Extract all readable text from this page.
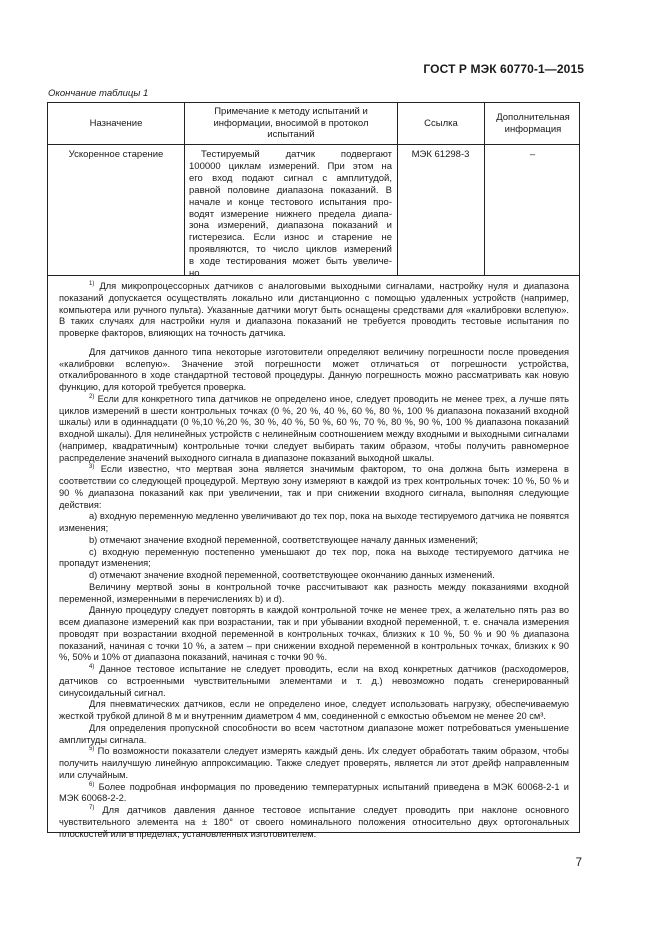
ГОСТ Р МЭК 60770-1—2015
Окончание таблицы 1
Назначение
Примечание к методу испытаний и информации, вносимой в протокол испытаний
Ссылка
Дополнительная информация
Ускоренное старение	Тестируемый датчик подвергают
100000 циклам измерений. При этом на
его вход подают сигнал с амплитудой,
равной половине диапазона показаний. В
начале и конце тестового испытания про-
водят измерение нижнего предела диапа-
зона измерений, диапазона показаний и
гистерезиса. Если износ и старение не
проявляются, то число циклов измерений
в ходе тестирования может быть увеличе-
но
МЭК 61298-3	–

$^{1)}$ Для микропроцессорных датчиков с аналоговыми выходными сигналами, настройку нуля и диапазона показаний допускается осуществлять локально или дистанционно с помощью удаленных устройств (например, компьютера или ручного пульта). Указанные датчики могут быть оснащены средствами для «калибровки вслепую». В таких случаях для настройки нуля и диапазона показаний не требуется проводить тестовые испытания по проверке факторов, влияющих на точность датчика.

Для датчиков данного типа некоторые изготовители определяют величину погрешности после проведения «калибровки вслепую». Значение этой погрешности может отличаться от погрешности устройства, откалиброванного в ходе стандартной тестовой процедуры. Данную погрешность можно рассматривать как новую функцию, для которой требуется проверка.

$^{2)}$ Если для конкретного типа датчиков не определено иное, следует проводить не менее трех, а лучше пять циклов измерений в шести контрольных точках (0 %, 20 %, 40 %, 60 %, 80 %, 100 % диапазона показаний входной шкалы) или в одиннадцати (0 %,10 %,20 %, 30 %, 40 %, 50 %, 60 %, 70 %, 80 %, 90 %, 100 % диапазона показаний входной шкалы). Для нелинейных устройств с нелинейным соотношением между входными и выходными сигналами (например, квадратичным) контрольные точки следует выбирать таким образом, чтобы получить равномерное распределение значений выходного сигнала в диапазоне показаний выходной шкалы.

$^{3)}$ Если известно, что мертвая зона является значимым фактором, то она должна быть измерена в соответствии со следующей процедурой. Мертвую зону измеряют в каждой из трех контрольных точек: 10 %, 50 % и 90 % диапазона показаний как при увеличении, так и при снижении входного сигнала, выполняя следующие действия:

а) входную переменную медленно увеличивают до тех пор, пока на выходе тестируемого датчика не появятся изменения;

b) отмечают значение входной переменной, соответствующее началу данных изменений;

c) входную переменную постепенно уменьшают до тех пор, пока на выходе тестируемого датчика не пропадут изменения;

d) отмечают значение входной переменной, соответствующее окончанию данных изменений.

Величину мертвой зоны в контрольной точке рассчитывают как разность между показаниями входной переменной, измеренными в перечислениях b) и d).

Данную процедуру следует повторять в каждой контрольной точке не менее трех, а желательно пять раз во всем диапазоне измерений как при возрастании, так и при убывании входной переменной, т. е. сначала измерения проводят при возрастании входной переменной в контрольных точках, близких к 10 %, 50 % и 90 % диапазона показаний, начиная с точки 10 %, а затем – при снижении входной переменной в контрольных точках, близких к 90 %, 50% и 10% от диапазона показаний, начиная с точки 90 %.

$^{4)}$ Данное тестовое испытание не следует проводить, если на вход конкретных датчиков (расходомеров, датчиков со встроенными чувствительными элементами и т. д.) невозможно подать сгенерированный синусоидальный сигнал.

Для пневматических датчиков, если не определено иное, следует использовать нагрузку, обеспечиваемую жесткой трубкой длиной 8 м и внутренним диаметром 4 мм, соединенной с емкостью объемом не менее 20 см³.

Для определения пропускной способности во всем частотном диапазоне может потребоваться уменьшение амплитуды сигнала.

$^{5)}$ По возможности показатели следует измерять каждый день. Их следует обработать таким образом, чтобы получить наилучшую линейную аппроксимацию. Также следует проверять, является ли этот дрейф направленным или случайным.

$^{6)}$ Более подробная информация по проведению температурных испытаний приведена в МЭК 60068-2-1 и МЭК 60068-2-2.

$^{7)}$ Для датчиков давления данное тестовое испытание следует проводить при наклоне основного чувствительного элемента на ± 180° от своего номинального положения относительно двух ортогональных плоскостей или в пределах, установленных изготовителем.

7
